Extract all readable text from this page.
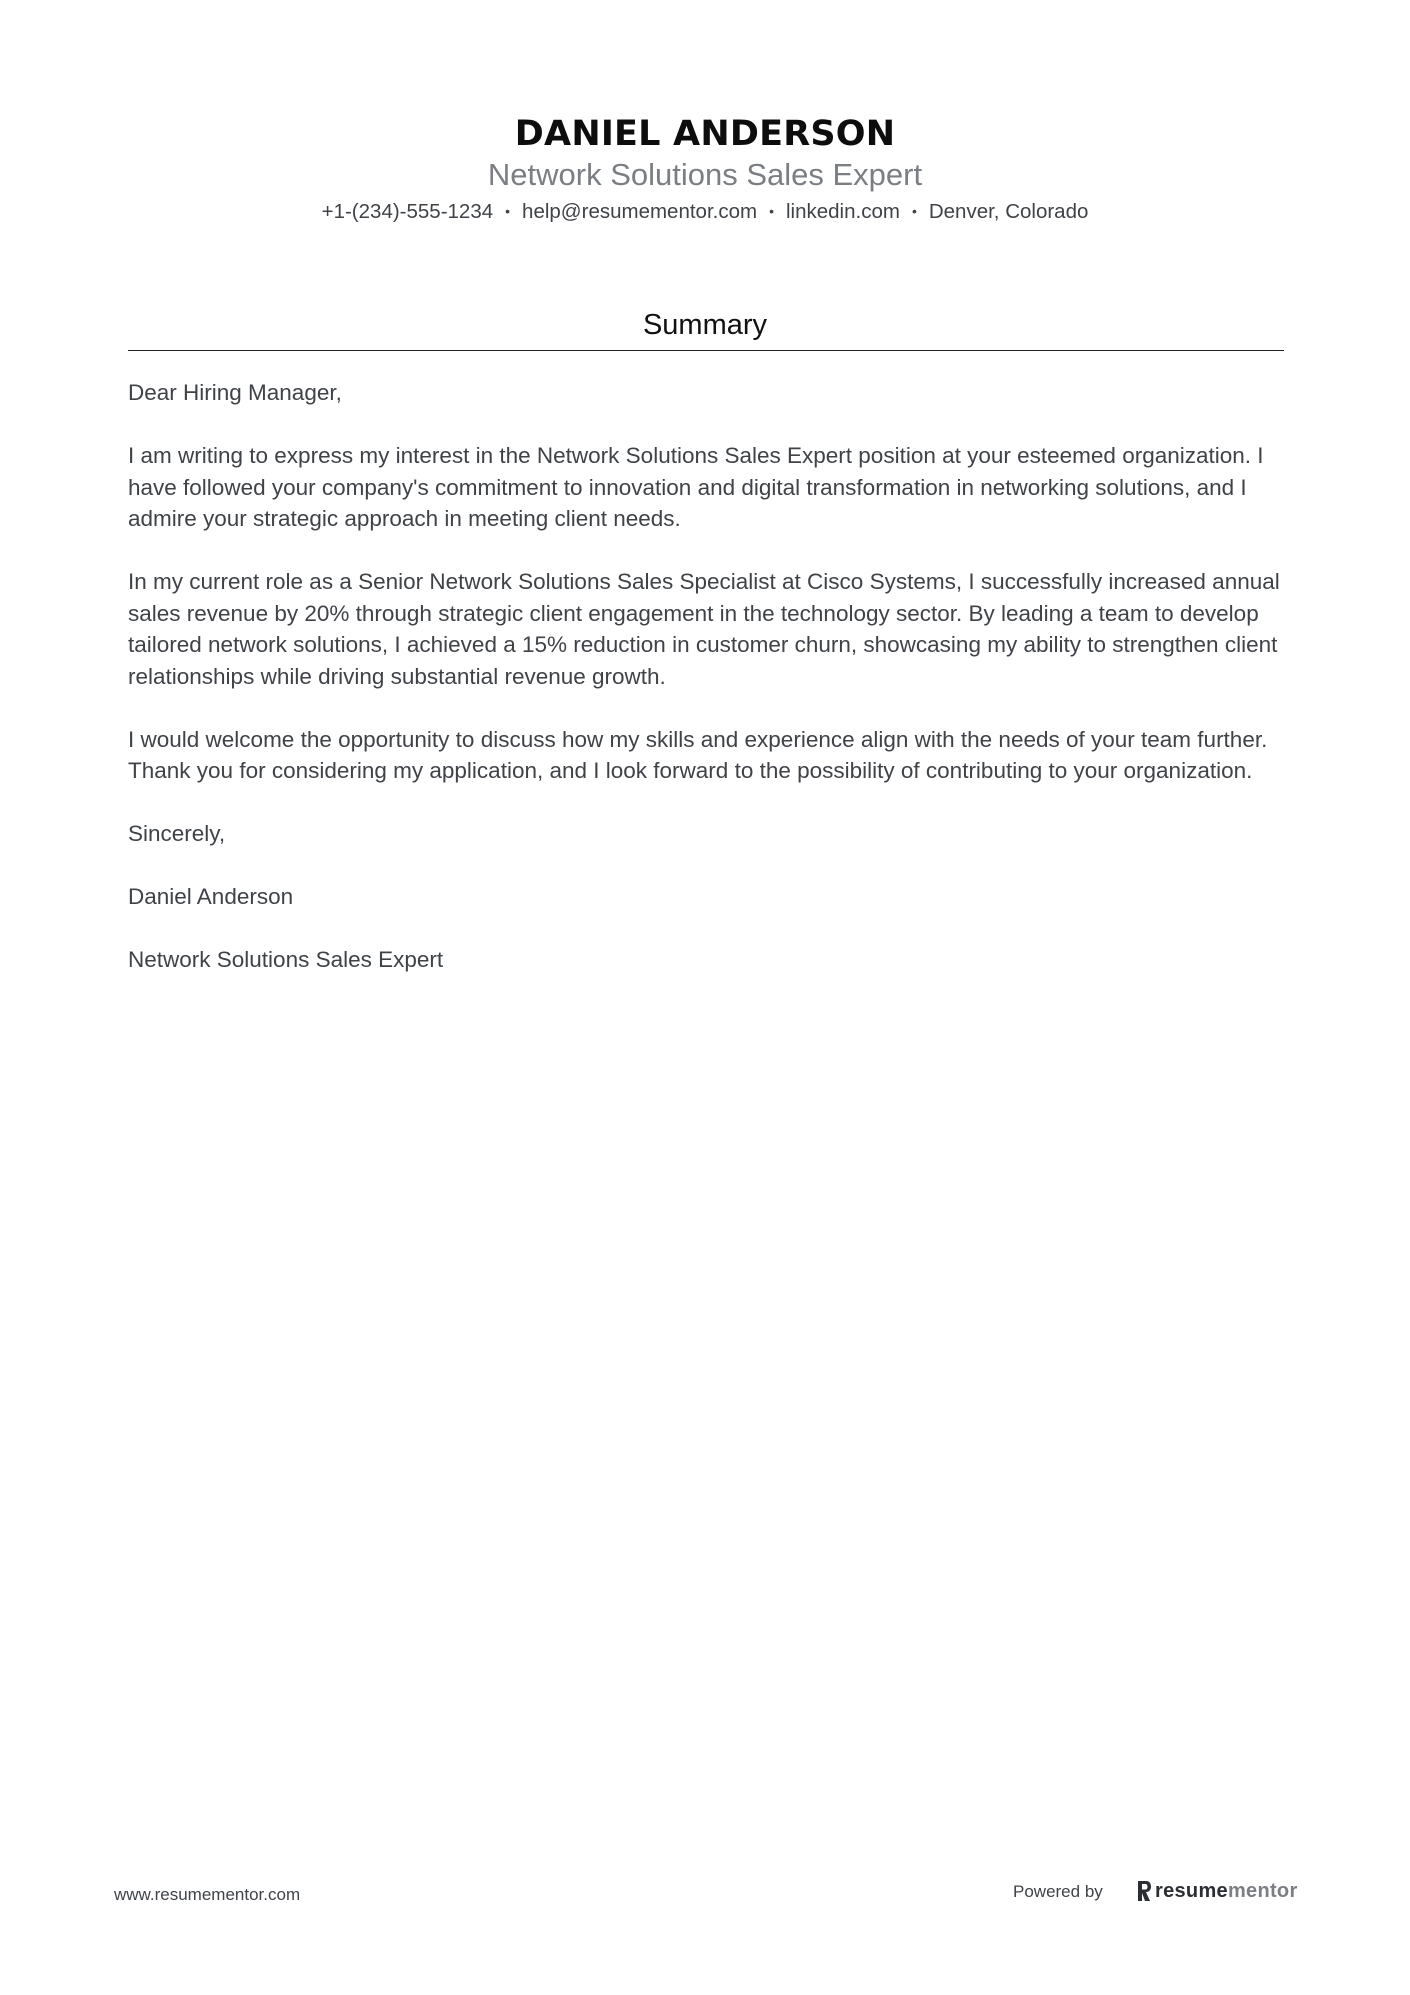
DANIEL ANDERSON
Network Solutions Sales Expert
+1-(234)-555-1234 • help@resumementor.com • linkedin.com • Denver, Colorado
Summary

Dear Hiring Manager,

I am writing to express my interest in the Network Solutions Sales Expert position at your esteemed organization. I have followed your company's commitment to innovation and digital transformation in networking solutions, and I admire your strategic approach in meeting client needs.

In my current role as a Senior Network Solutions Sales Specialist at Cisco Systems, I successfully increased annual sales revenue by 20% through strategic client engagement in the technology sector. By leading a team to develop tailored network solutions, I achieved a 15% reduction in customer churn, showcasing my ability to strengthen client relationships while driving substantial revenue growth.

I would welcome the opportunity to discuss how my skills and experience align with the needs of your team further. Thank you for considering my application, and I look forward to the possibility of contributing to your organization.

Sincerely,

Daniel Anderson

Network Solutions Sales Expert

www.resumementor.com	Powered by	resumementor
